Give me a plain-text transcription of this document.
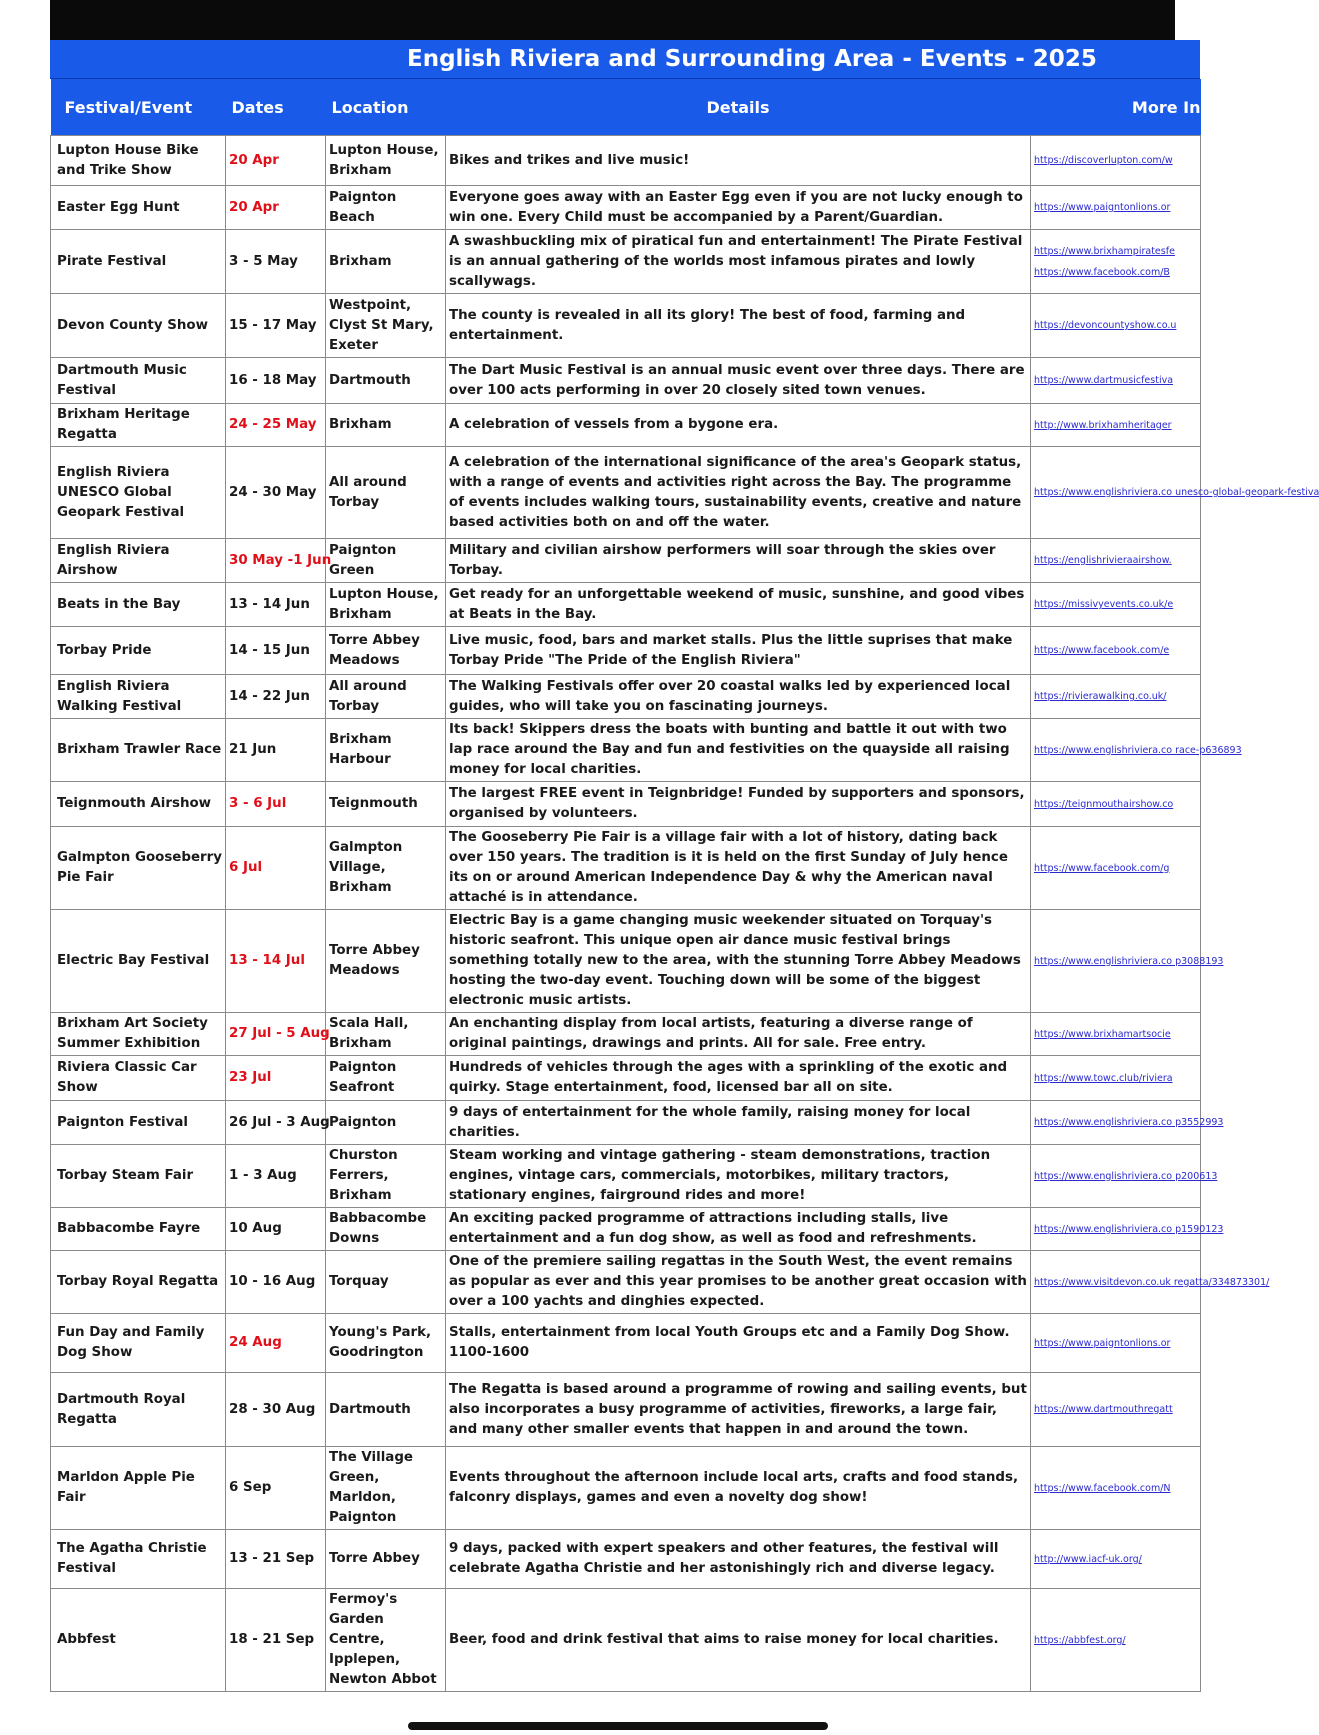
English Riviera and Surrounding Area - Events - 2025
Festival/Event	Dates	Location	Details	More In
Lupton House Bike and Trike Show	20 Apr	Lupton House, Brixham	Bikes and trikes and live music!	https://discoverlupton.com/w

Easter Egg Hunt	20 Apr	Paignton Beach	Everyone goes away with an Easter Egg even if you are not lucky enough to win one. Every Child must be accompanied by a Parent/Guardian.	https://www.paigntonlions.or

Pirate Festival	3 - 5 May	Brixham	A swashbuckling mix of piratical fun and entertainment! The Pirate Festival is an annual gathering of the worlds most infamous pirates and lowly scallywags.	https://www.brixhampiratesfe
https://www.facebook.com/B

Devon County Show	15 - 17 May	Westpoint, Clyst St Mary, Exeter	The county is revealed in all its glory! The best of food, farming and entertainment.	https://devoncountyshow.co.u

Dartmouth Music Festival	16 - 18 May	Dartmouth	The Dart Music Festival is an annual music event over three days. There are over 100 acts performing in over 20 closely sited town venues.	https://www.dartmusicfestiva

Brixham Heritage Regatta	24 - 25 May	Brixham	A celebration of vessels from a bygone era.	http://www.brixhamheritager

English Riviera UNESCO Global Geopark Festival	24 - 30 May	All around Torbay	A celebration of the international significance of the area's Geopark status, with a range of events and activities right across the Bay. The programme of events includes walking tours, sustainability events, creative and nature based activities both on and off the water.	https://www.englishriviera.co unesco-global-geopark-festiva

English Riviera Airshow	30 May -1 Jun	Paignton Green	Military and civilian airshow performers will soar through the skies over Torbay.	https://englishrivieraairshow.

Beats in the Bay	13 - 14 Jun	Lupton House, Brixham	Get ready for an unforgettable weekend of music, sunshine, and good vibes at Beats in the Bay.	https://missivyevents.co.uk/e

Torbay Pride	14 - 15 Jun	Torre Abbey Meadows	Live music, food, bars and market stalls. Plus the little suprises that make Torbay Pride "The Pride of the English Riviera"	https://www.facebook.com/e

English Riviera Walking Festival	14 - 22 Jun	All around Torbay	The Walking Festivals offer over 20 coastal walks led by experienced local guides, who will take you on fascinating journeys.	https://rivierawalking.co.uk/

Brixham Trawler Race	21 Jun	Brixham Harbour	Its back! Skippers dress the boats with bunting and battle it out with two lap race around the Bay and fun and festivities on the quayside all raising money for local charities.	https://www.englishriviera.co race-p636893

Teignmouth Airshow	3 - 6 Jul	Teignmouth	The largest FREE event in Teignbridge! Funded by supporters and sponsors, organised by volunteers.	https://teignmouthairshow.co

Galmpton Gooseberry Pie Fair	6 Jul	Galmpton Village, Brixham	The Gooseberry Pie Fair is a village fair with a lot of history, dating back over 150 years. The tradition is it is held on the first Sunday of July hence its on or around American Independence Day & why the American naval attaché is in attendance.	https://www.facebook.com/g

Electric Bay Festival	13 - 14 Jul	Torre Abbey Meadows	Electric Bay is a game changing music weekender situated on Torquay's historic seafront. This unique open air dance music festival brings something totally new to the area, with the stunning Torre Abbey Meadows hosting the two-day event. Touching down will be some of the biggest electronic music artists.	https://www.englishriviera.co p3088193

Brixham Art Society Summer Exhibition	27 Jul - 5 Aug	Scala Hall, Brixham	An enchanting display from local artists, featuring a diverse range of original paintings, drawings and prints. All for sale. Free entry.	https://www.brixhamartsocie

Riviera Classic Car Show	23 Jul	Paignton Seafront	Hundreds of vehicles through the ages with a sprinkling of the exotic and quirky. Stage entertainment, food, licensed bar all on site.	https://www.towc.club/riviera

Paignton Festival	26 Jul - 3 Aug	Paignton	9 days of entertainment for the whole family, raising money for local charities.	https://www.englishriviera.co p3552993

Torbay Steam Fair	1 - 3 Aug	Churston Ferrers, Brixham	Steam working and vintage gathering - steam demonstrations, traction engines, vintage cars, commercials, motorbikes, military tractors, stationary engines, fairground rides and more!	https://www.englishriviera.co p200613

Babbacombe Fayre	10 Aug	Babbacombe Downs	An exciting packed programme of attractions including stalls, live entertainment and a fun dog show, as well as food and refreshments.	https://www.englishriviera.co p1590123

Torbay Royal Regatta	10 - 16 Aug	Torquay	One of the premiere sailing regattas in the South West, the event remains as popular as ever and this year promises to be another great occasion with over a 100 yachts and dinghies expected.	https://www.visitdevon.co.uk regatta/334873301/

Fun Day and Family Dog Show	24 Aug	Young's Park, Goodrington	Stalls, entertainment from local Youth Groups etc and a Family Dog Show. 1100-1600	https://www.paigntonlions.or

Dartmouth Royal Regatta	28 - 30 Aug	Dartmouth	The Regatta is based around a programme of rowing and sailing events, but also incorporates a busy programme of activities, fireworks, a large fair, and many other smaller events that happen in and around the town.	https://www.dartmouthregatt

Marldon Apple Pie Fair	6 Sep	The Village Green, Marldon, Paignton	Events throughout the afternoon include local arts, crafts and food stands, falconry displays, games and even a novelty dog show!	https://www.facebook.com/N

The Agatha Christie Festival	13 - 21 Sep	Torre Abbey	9 days, packed with expert speakers and other features, the festival will celebrate Agatha Christie and her astonishingly rich and diverse legacy.	http://www.iacf-uk.org/

Abbfest	18 - 21 Sep	Fermoy's Garden Centre, Ipplepen, Newton Abbot	Beer, food and drink festival that aims to raise money for local charities.	https://abbfest.org/
